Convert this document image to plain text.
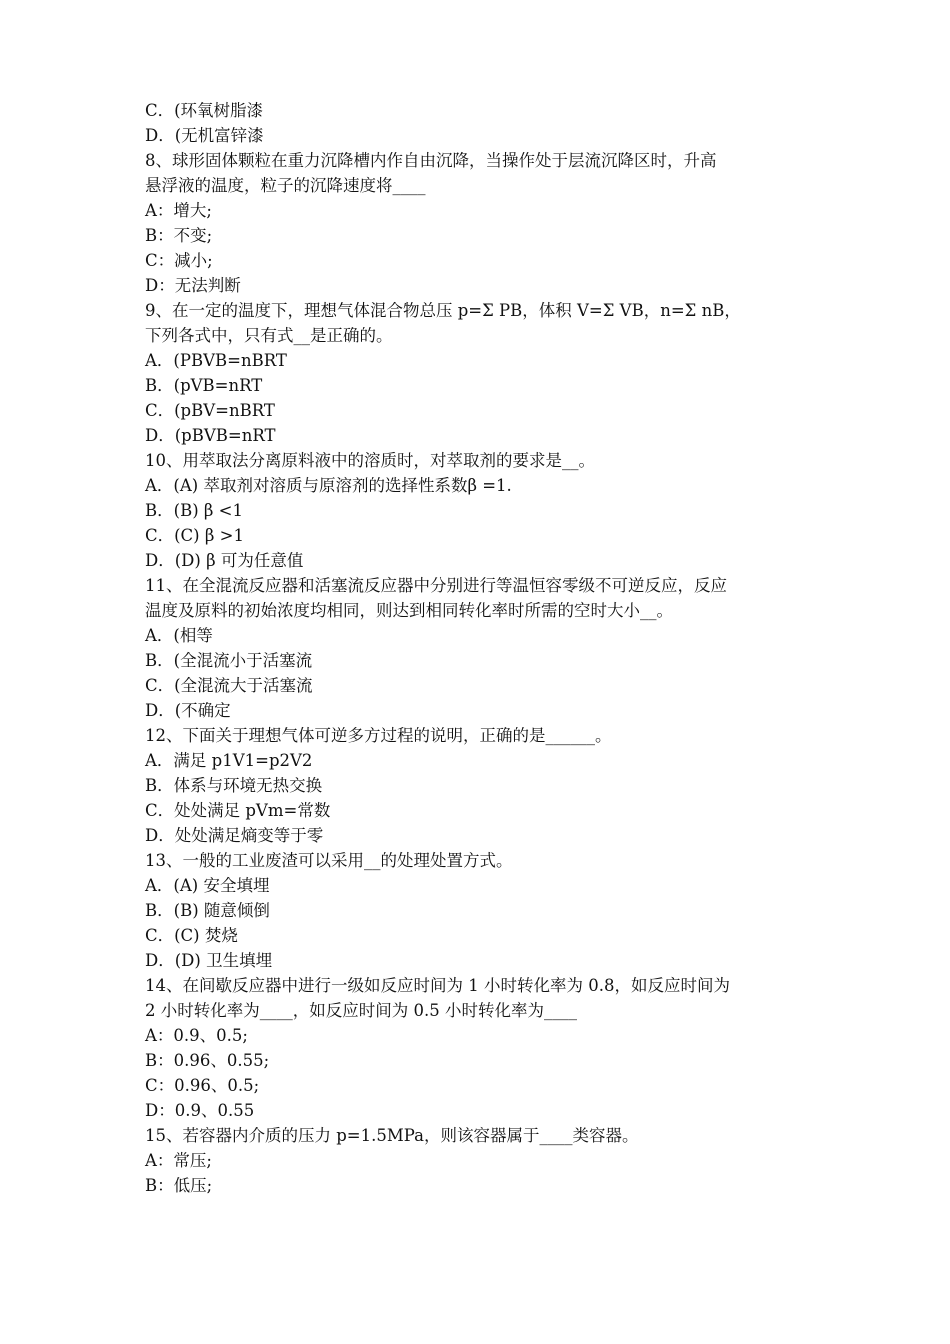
C．(环氧树脂漆
D．(无机富锌漆
8、球形固体颗粒在重力沉降槽内作自由沉降，当操作处于层流沉降区时，升高
悬浮液的温度，粒子的沉降速度将____
A：增大;
B：不变;
C：减小;
D：无法判断
9、在一定的温度下，理想气体混合物总压 p=Σ PB，体积 V=Σ VB，n=Σ nB，
下列各式中，只有式__是正确的。
A．(PBVB=nBRT
B．(pVB=nRT
C．(pBV=nBRT
D．(pBVB=nRT
10、用萃取法分离原料液中的溶质时，对萃取剂的要求是__。
A．(A) 萃取剂对溶质与原溶剂的选择性系数β =1.
B．(B) β <1
C．(C) β >1
D．(D) β 可为任意值
11、在全混流反应器和活塞流反应器中分别进行等温恒容零级不可逆反应，反应
温度及原料的初始浓度均相同，则达到相同转化率时所需的空时大小__。
A．(相等
B．(全混流小于活塞流
C．(全混流大于活塞流
D．(不确定
12、下面关于理想气体可逆多方过程的说明，正确的是______。
A．满足 p1V1=p2V2
B．体系与环境无热交换
C．处处满足 pVm=常数
D．处处满足熵变等于零
13、一般的工业废渣可以采用__的处理处置方式。
A．(A) 安全填埋
B．(B) 随意倾倒
C．(C) 焚烧
D．(D) 卫生填埋
14、在间歇反应器中进行一级如反应时间为 1 小时转化率为 0.8，如反应时间为
2 小时转化率为____，如反应时间为 0.5 小时转化率为____
A：0.9、0.5;
B：0.96、0.55;
C：0.96、0.5;
D：0.9、0.55
15、若容器内介质的压力 p=1.5MPa，则该容器属于____类容器。
A：常压;
B：低压;
